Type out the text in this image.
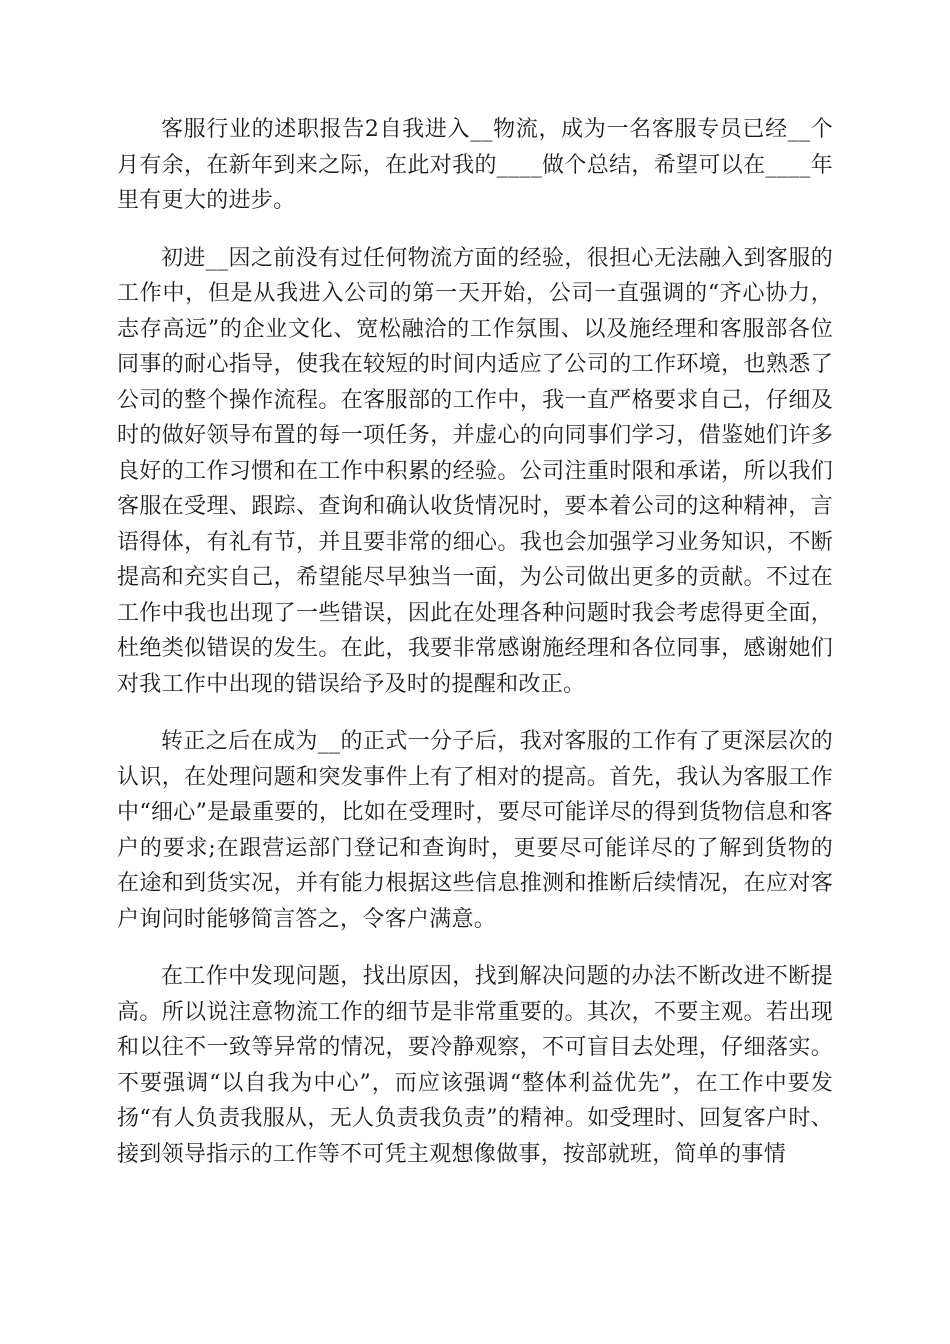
客服行业的述职报告2自我进入__物流，成为一名客服专员已经__个月有余，在新年到来之际，在此对我的____做个总结，希望可以在____年里有更大的进步。

初进__因之前没有过任何物流方面的经验，很担心无法融入到客服的工作中，但是从我进入公司的第一天开始，公司一直强调的“齐心协力，志存高远”的企业文化、宽松融洽的工作氛围、以及施经理和客服部各位同事的耐心指导，使我在较短的时间内适应了公司的工作环境，也熟悉了公司的整个操作流程。在客服部的工作中，我一直严格要求自己，仔细及时的做好领导布置的每一项任务，并虚心的向同事们学习，借鉴她们许多良好的工作习惯和在工作中积累的经验。公司注重时限和承诺，所以我们客服在受理、跟踪、查询和确认收货情况时，要本着公司的这种精神，言语得体，有礼有节，并且要非常的细心。我也会加强学习业务知识，不断提高和充实自己，希望能尽早独当一面，为公司做出更多的贡献。不过在工作中我也出现了一些错误，因此在处理各种问题时我会考虑得更全面，杜绝类似错误的发生。在此，我要非常感谢施经理和各位同事，感谢她们对我工作中出现的错误给予及时的提醒和改正。

转正之后在成为__的正式一分子后，我对客服的工作有了更深层次的认识，在处理问题和突发事件上有了相对的提高。首先，我认为客服工作中“细心”是最重要的，比如在受理时，要尽可能详尽的得到货物信息和客户的要求;在跟营运部门登记和查询时，更要尽可能详尽的了解到货物的在途和到货实况，并有能力根据这些信息推测和推断后续情况，在应对客户询问时能够简言答之，令客户满意。

在工作中发现问题，找出原因，找到解决问题的办法不断改进不断提高。所以说注意物流工作的细节是非常重要的。其次，不要主观。若出现和以往不一致等异常的情况，要冷静观察，不可盲目去处理，仔细落实。不要强调“以自我为中心”，而应该强调“整体利益优先”，在工作中要发扬“有人负责我服从，无人负责我负责”的精神。如受理时、回复客户时、接到领导指示的工作等不可凭主观想像做事，按部就班，简单的事情
